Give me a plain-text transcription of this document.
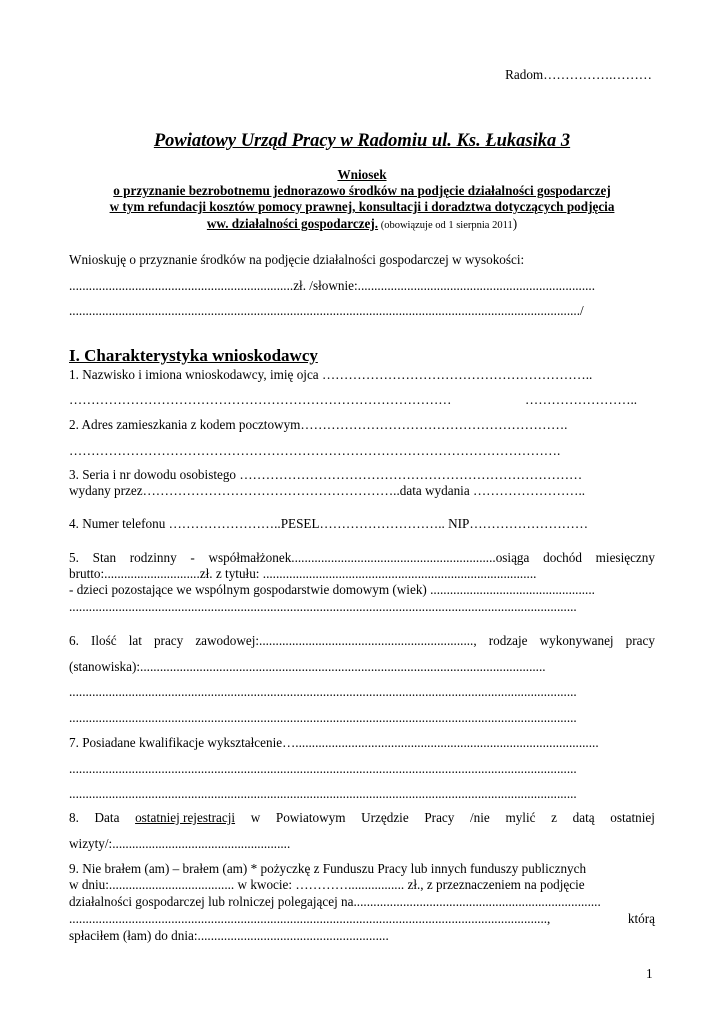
Radom…………….………
Powiatowy Urząd Pracy w Radomiu ul. Ks. Łukasika 3
Wniosek
o przyznanie bezrobotnemu jednorazowo środków na podjęcie działalności gospodarczej
w tym refundacji kosztów pomocy prawnej, konsultacji i doradztwa dotyczących podjęcia
ww. działalności gospodarczej. (obowiązuje od 1 sierpnia 2011)
Wnioskuję o przyznanie środków na podjęcie działalności gospodarczej w wysokości:
....................................................................zł. /słownie:........................................................................
.........................................................................................................................................................../
I. Charakterystyka wnioskodawcy
1. Nazwisko i imiona wnioskodawcy, imię ojca ……………………………………………………..
……………………………………………………………………………	……………………..
2. Adres zamieszkania z kodem pocztowym…………………………………………………….
………………………………………………………………………………………………….
3. Seria i nr dowodu osobistego ……………………………………………………………………
wydany przez…………………………………………………..data wydania ……………………..
4. Numer telefonu ……………………..PESEL……………………….. NIP………………………
5. Stan rodzinny - współmałżonek..............................................................osiąga dochód miesięczny
brutto:.............................zł. z tytułu: ...................................................................................
- dzieci pozostające we wspólnym gospodarstwie domowym (wiek) ..................................................
..........................................................................................................................................................
6. Ilość lat pracy zawodowej:................................................................., rodzaje wykonywanej pracy
(stanowiska):...........................................................................................................................
..........................................................................................................................................................
..........................................................................................................................................................
7. Posiadane kwalifikacje wykształcenie…............................................................................................
..........................................................................................................................................................
..........................................................................................................................................................
8. Data ostatniej rejestracji w Powiatowym Urzędzie Pracy /nie mylić z datą ostatniej
wizyty/:......................................................
9. Nie brałem (am) – brałem (am) * pożyczkę z Funduszu Pracy lub innych funduszy publicznych
w dniu:...................................... w kwocie: …………................. zł., z przeznaczeniem na podjęcie
działalności gospodarczej lub rolniczej polegającej na...........................................................................
.................................................................................................................................................,	którą
spłaciłem (łam) do dnia:..........................................................
1
